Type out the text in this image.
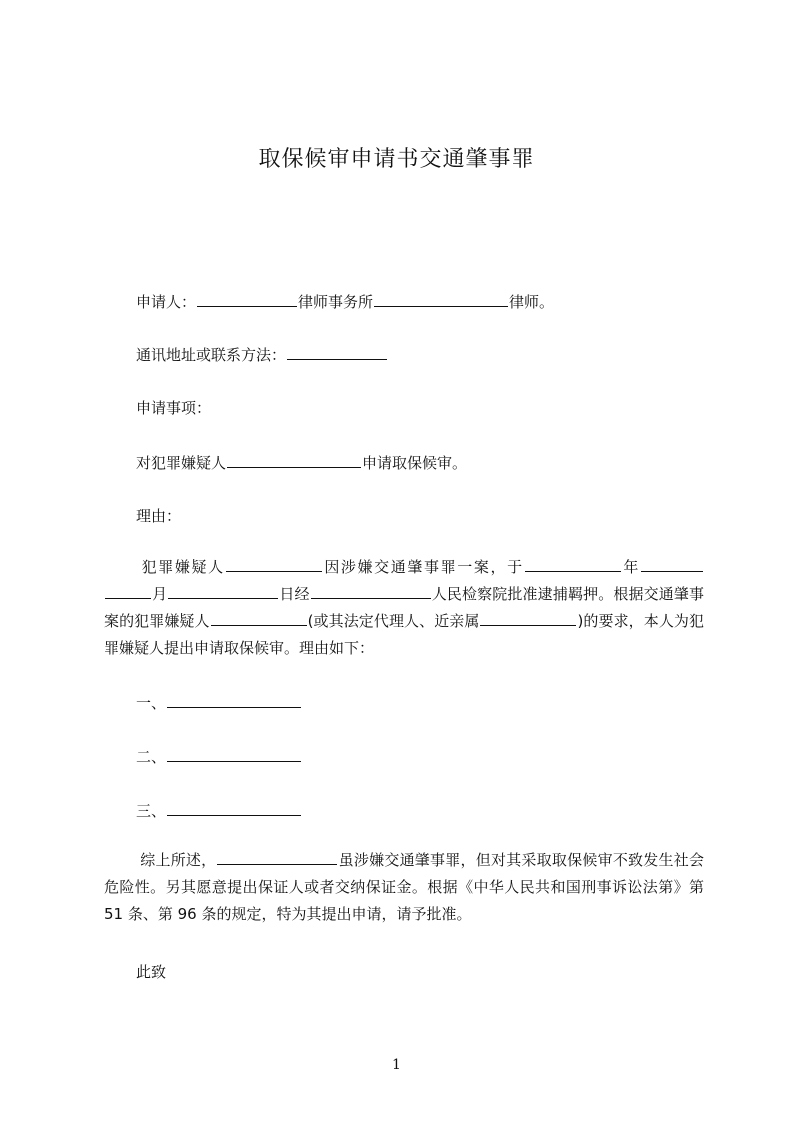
取保候审申请书交通肇事罪
申请人：	律师事务所	律师。
通讯地址或联系方法：
申请事项：
对犯罪嫌疑人	申请取保候审。
理由：
犯罪嫌疑人	因涉嫌交通肇事罪一案，于	年月	日经	人民检察院批准逮捕羁押。根据交通肇事案的犯罪嫌疑人	(或其法定代理人、近亲属	)的要求，本人为犯罪嫌疑人提出申请取保候审。理由如下：
一、
二、
三、
综上所述，	虽涉嫌交通肇事罪，但对其采取取保候审不致发生社会危险性。另其愿意提出保证人或者交纳保证金。根据《中华人民共和国刑事诉讼法第》第 51 条、第 96 条的规定，特为其提出申请，请予批准。
此致
1
